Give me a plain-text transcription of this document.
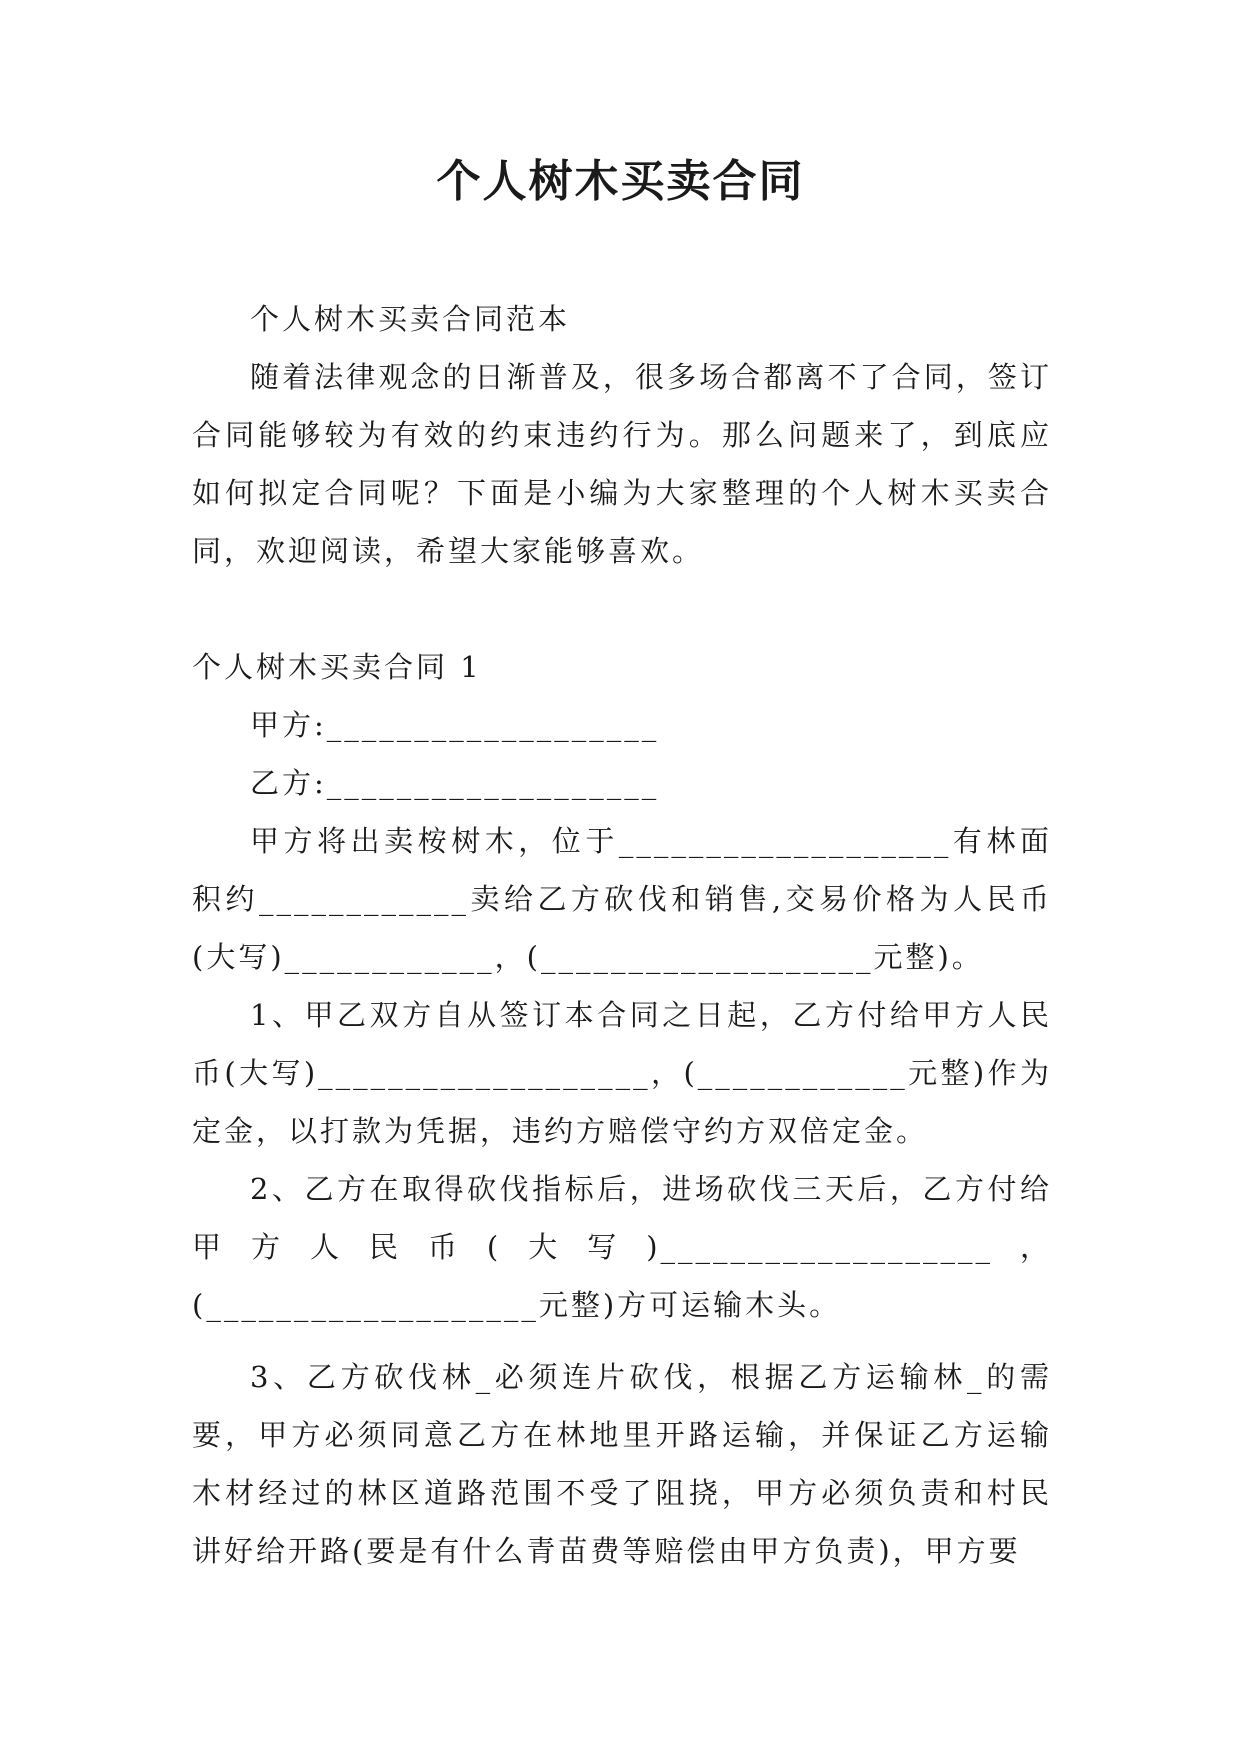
个人树木买卖合同

个人树木买卖合同范本

随着法律观念的日渐普及，很多场合都离不了合同，签订合同能够较为有效的约束违约行为。那么问题来了，到底应如何拟定合同呢？下面是小编为大家整理的个人树木买卖合同，欢迎阅读，希望大家能够喜欢。

个人树木买卖合同 1

甲方:___________________

乙方:___________________

甲方将出卖桉树木，位于___________________有林面积约____________卖给乙方砍伐和销售,交易价格为人民币(大写)____________，(___________________元整)。

1、甲乙双方自从签订本合同之日起，乙方付给甲方人民币(大写)___________________，(____________元整)作为定金，以打款为凭据，违约方赔偿守约方双倍定金。

2、乙方在取得砍伐指标后，进场砍伐三天后，乙方付给甲方人民币(大写)___________________，(___________________元整)方可运输木头。

3、乙方砍伐林_必须连片砍伐，根据乙方运输林_的需要，甲方必须同意乙方在林地里开路运输，并保证乙方运输木材经过的林区道路范围不受了阻挠，甲方必须负责和村民讲好给开路(要是有什么青苗费等赔偿由甲方负责)，甲方要
